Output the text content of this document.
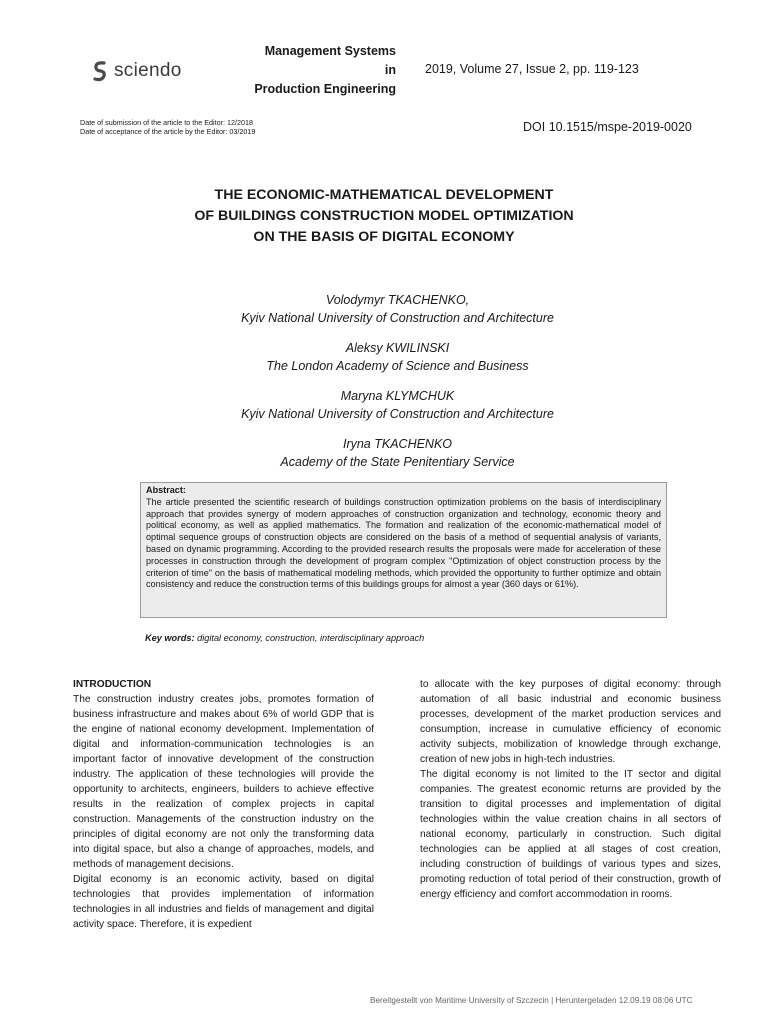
sciendo
Management Systems
in
Production Engineering
2019, Volume 27, Issue 2, pp. 119-123
Date of submission of the article to the Editor: 12/2018
Date of acceptance of the article by the Editor: 03/2019	DOI 10.1515/mspe-2019-0020
THE ECONOMIC-MATHEMATICAL DEVELOPMENT
OF BUILDINGS CONSTRUCTION MODEL OPTIMIZATION
ON THE BASIS OF DIGITAL ECONOMY
Volodymyr TKACHENKO,
Kyiv National University of Construction and Architecture
Aleksy KWILINSKI
The London Academy of Science and Business
Maryna KLYMCHUK
Kyiv National University of Construction and Architecture
Iryna TKACHENKO
Academy of the State Penitentiary Service
Abstract:
The article presented the scientific research of buildings construction optimization problems on the basis of interdisciplinary approach that provides synergy of modern approaches of construction organization and technology, economic theory and political economy, as well as applied mathematics. The formation and realization of the economic-mathematical model of optimal sequence groups of construction objects are considered on the basis of a method of sequential analysis of variants, based on dynamic programming. According to the provided research results the proposals were made for acceleration of these processes in construction through the development of program complex "Optimization of object construction process by the criterion of time" on the basis of mathematical modeling methods, which provided the opportunity to further optimize and obtain consistency and reduce the construction terms of this buildings groups for almost a year (360 days or 61%).
Key words: digital economy, construction, interdisciplinary approach
INTRODUCTION

The construction industry creates jobs, promotes formation of business infrastructure and makes about 6% of world GDP that is the engine of national economy development. Implementation of digital and information-communication technologies is an important factor of innovative development of the construction industry. The application of these technologies will provide the opportunity to architects, engineers, builders to achieve effective results in the realization of complex projects in capital construction. Managements of the construction industry on the principles of digital economy are not only the transforming data into digital space, but also a change of approaches, models, and methods of management decisions.

Digital economy is an economic activity, based on digital technologies that provides implementation of information technologies in all industries and fields of management and digital activity space. Therefore, it is expedient

to allocate with the key purposes of digital economy: through automation of all basic industrial and economic business processes, development of the market production services and consumption, increase in cumulative efficiency of economic activity subjects, mobilization of knowledge through exchange, creation of new jobs in high-tech industries.

The digital economy is not limited to the IT sector and digital companies. The greatest economic returns are provided by the transition to digital processes and implementation of digital technologies within the value creation chains in all sectors of national economy, particularly in construction. Such digital technologies can be applied at all stages of cost creation, including construction of buildings of various types and sizes, promoting reduction of total period of their construction, growth of energy efficiency and comfort accommodation in rooms.

Bereitgestellt von Maritime University of Szczecin | Heruntergeladen 12.09.19 08:06 UTC
